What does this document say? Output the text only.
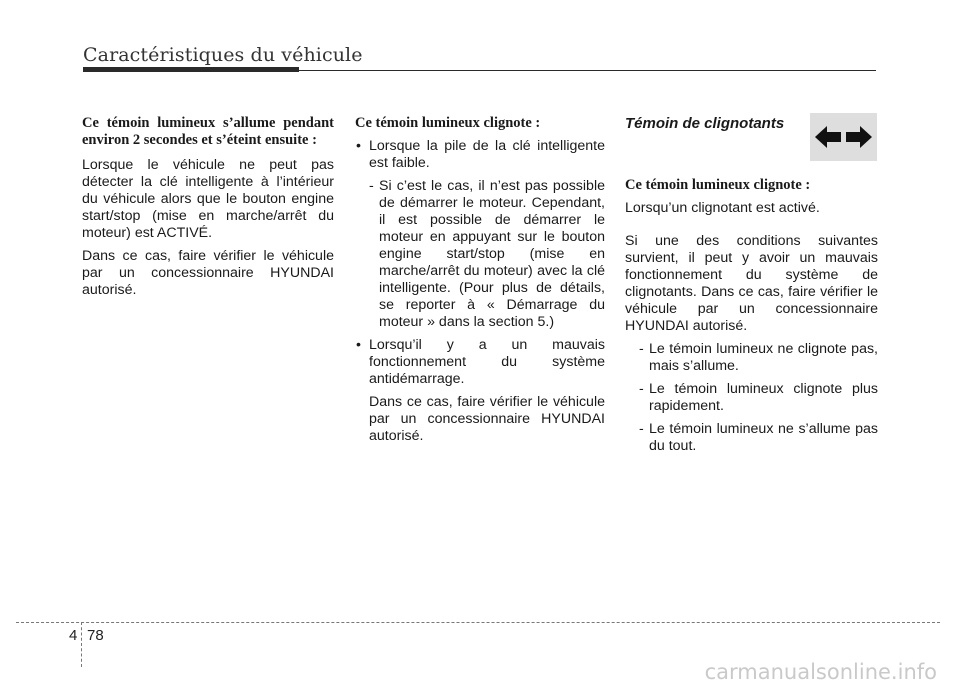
Caractéristiques du véhicule

Ce témoin lumineux s’allume pendant environ 2 secondes et s’éteint ensuite :

Lorsque le véhicule ne peut pas détecter la clé intelligente à l’intérieur du véhicule alors que le bouton engine start/stop (mise en marche/arrêt du moteur) est ACTIVÉ.

Dans ce cas, faire vérifier le véhicule par un concessionnaire HYUNDAI autorisé.

Ce témoin lumineux clignote :

• Lorsque la pile de la clé intelligente est faible.
- Si c’est le cas, il n’est pas possible de démarrer le moteur. Cependant, il est possible de démarrer le moteur en appuyant sur le bouton engine start/stop (mise en marche/arrêt du moteur) avec la clé intelligente. (Pour plus de détails, se reporter à « Démarrage du moteur » dans la section 5.)
• Lorsqu’il y a un mauvais fonctionnement du système antidémarrage.
Dans ce cas, faire vérifier le véhicule par un concessionnaire HYUNDAI autorisé.

Témoin de clignotants

Ce témoin lumineux clignote :

Lorsqu’un clignotant est activé.

Si une des conditions suivantes survient, il peut y avoir un mauvais fonctionnement du système de clignotants. Dans ce cas, faire vérifier le véhicule par un concessionnaire HYUNDAI autorisé.

- Le témoin lumineux ne clignote pas, mais s’allume.
- Le témoin lumineux clignote plus rapidement.
- Le témoin lumineux ne s’allume pas du tout.
4 78
carmanualsonline.info
